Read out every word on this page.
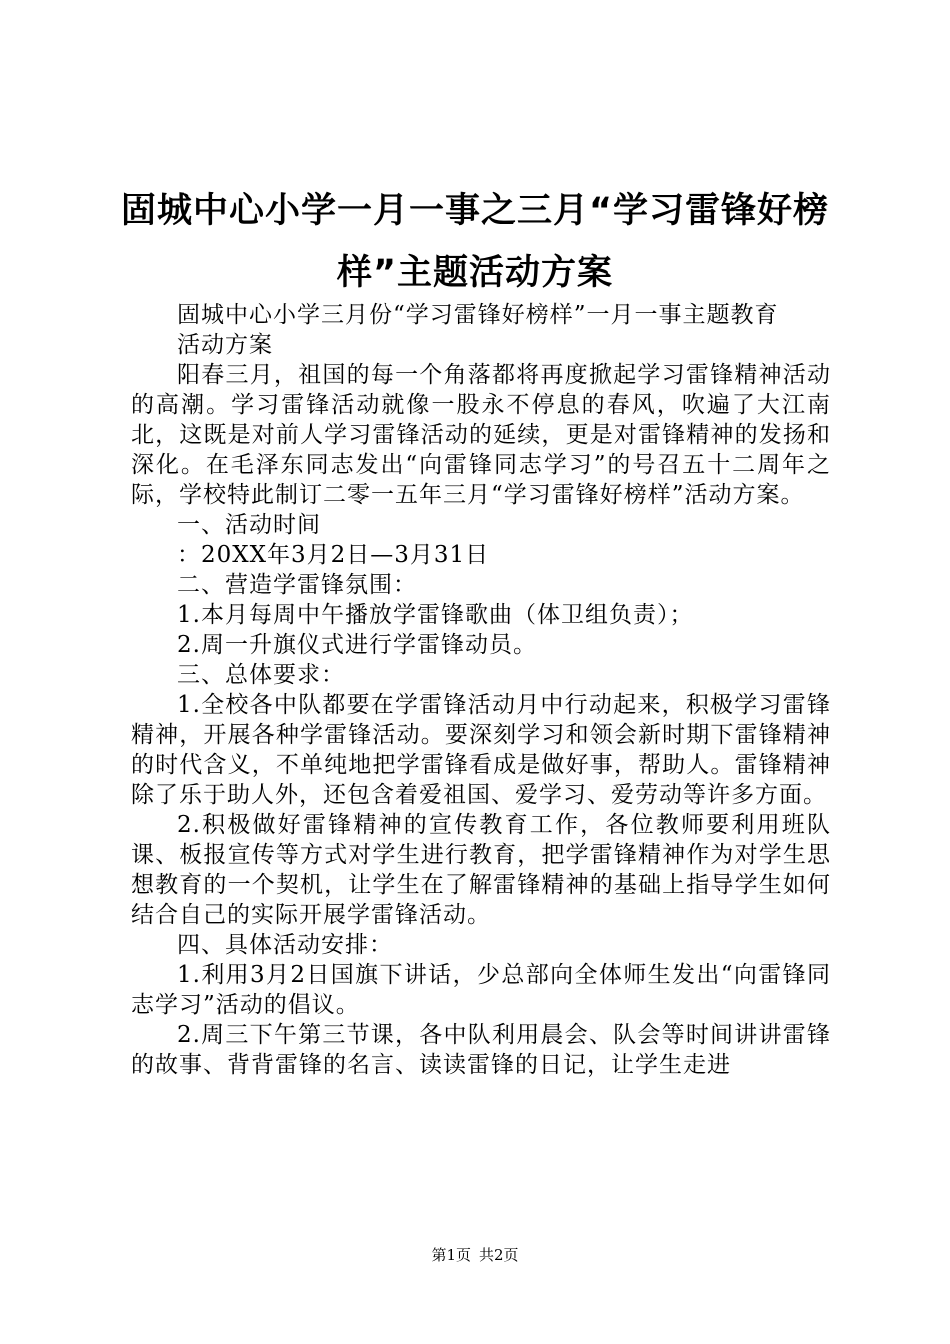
固城中心小学一月一事之三月“学习雷锋好榜样”主题活动方案

固城中心小学三月份“学习雷锋好榜样”一月一事主题教育

活动方案

阳春三月，祖国的每一个角落都将再度掀起学习雷锋精神活动的高潮。学习雷锋活动就像一股永不停息的春风，吹遍了大江南北，这既是对前人学习雷锋活动的延续，更是对雷锋精神的发扬和深化。在毛泽东同志发出“向雷锋同志学习”的号召五十二周年之际，学校特此制订二零一五年三月“学习雷锋好榜样”活动方案。

一、活动时间

：20XX年3月2日—3月31日

二、营造学雷锋氛围：

1.本月每周中午播放学雷锋歌曲（体卫组负责）；

2.周一升旗仪式进行学雷锋动员。

三、总体要求：

1.全校各中队都要在学雷锋活动月中行动起来，积极学习雷锋精神，开展各种学雷锋活动。要深刻学习和领会新时期下雷锋精神的时代含义，不单纯地把学雷锋看成是做好事，帮助人。雷锋精神除了乐于助人外，还包含着爱祖国、爱学习、爱劳动等许多方面。

2.积极做好雷锋精神的宣传教育工作，各位教师要利用班队课、板报宣传等方式对学生进行教育，把学雷锋精神作为对学生思想教育的一个契机，让学生在了解雷锋精神的基础上指导学生如何结合自己的实际开展学雷锋活动。

四、具体活动安排：

1.利用3月2日国旗下讲话，少总部向全体师生发出“向雷锋同志学习”活动的倡议。

2.周三下午第三节课，各中队利用晨会、队会等时间讲讲雷锋的故事、背背雷锋的名言、读读雷锋的日记，让学生走进

第1页 共2页
